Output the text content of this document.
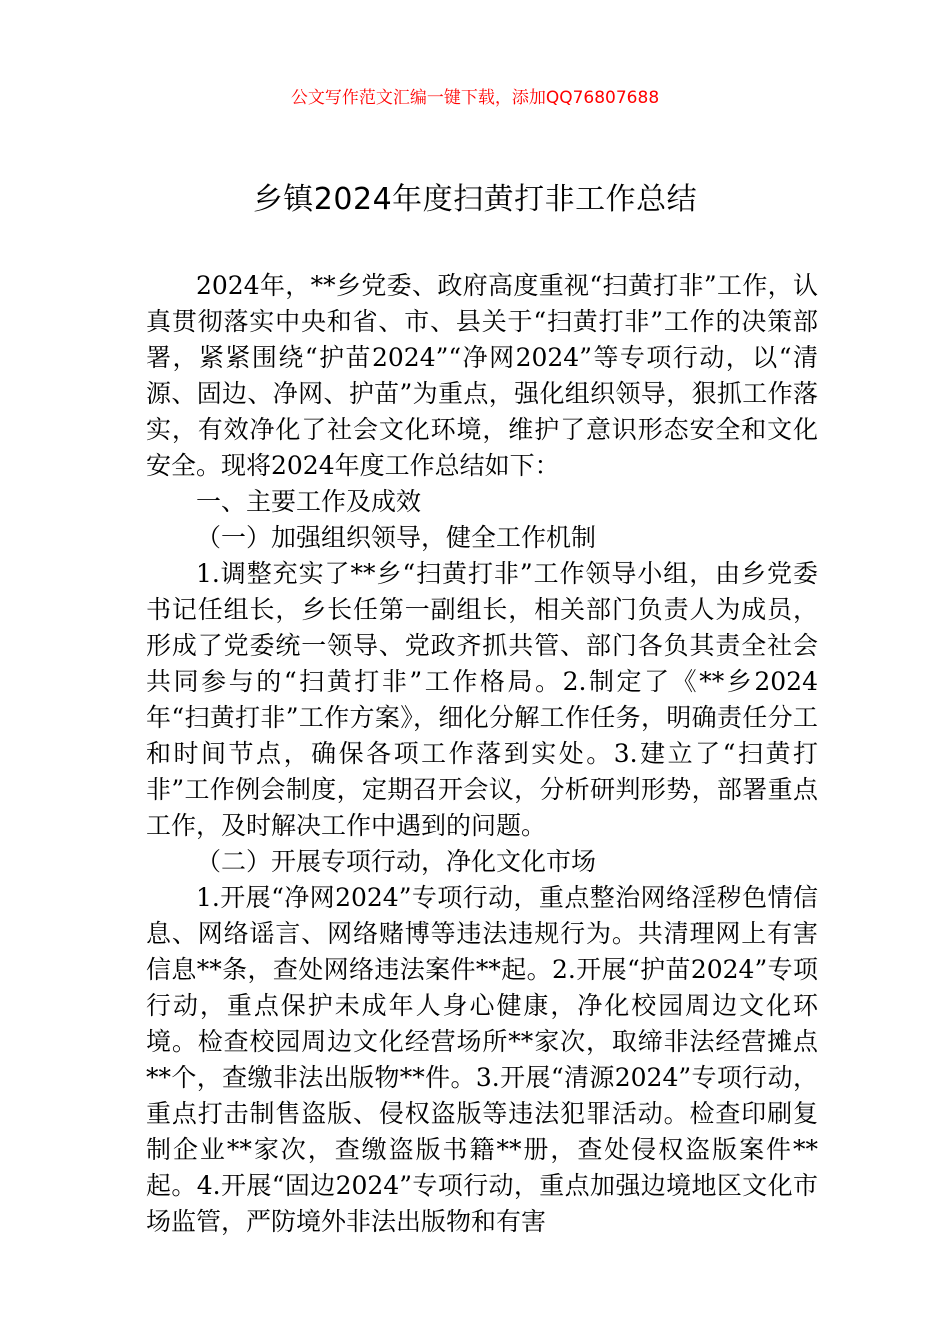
公文写作范文汇编一键下载，添加QQ76807688
乡镇2024年度扫黄打非工作总结

2024年，**乡党委、政府高度重视“扫黄打非”工作，认真贯彻落实中央和省、市、县关于“扫黄打非”工作的决策部署，紧紧围绕“护苗2024”“净网2024”等专项行动，以“清源、固边、净网、护苗”为重点，强化组织领导，狠抓工作落实，有效净化了社会文化环境，维护了意识形态安全和文化安全。现将2024年度工作总结如下：

一、主要工作及成效

（一）加强组织领导，健全工作机制

1.调整充实了**乡“扫黄打非”工作领导小组，由乡党委书记任组长，乡长任第一副组长，相关部门负责人为成员，形成了党委统一领导、党政齐抓共管、部门各负其责全社会共同参与的“扫黄打非”工作格局。2.制定了《**乡2024年“扫黄打非”工作方案》，细化分解工作任务，明确责任分工和时间节点，确保各项工作落到实处。3.建立了“扫黄打非”工作例会制度，定期召开会议，分析研判形势，部署重点工作，及时解决工作中遇到的问题。

（二）开展专项行动，净化文化市场

1.开展“净网2024”专项行动，重点整治网络淫秽色情信息、网络谣言、网络赌博等违法违规行为。共清理网上有害信息**条，查处网络违法案件**起。2.开展“护苗2024”专项行动，重点保护未成年人身心健康，净化校园周边文化环境。检查校园周边文化经营场所**家次，取缔非法经营摊点**个，查缴非法出版物**件。3.开展“清源2024”专项行动，重点打击制售盗版、侵权盗版等违法犯罪活动。检查印刷复制企业**家次，查缴盗版书籍**册，查处侵权盗版案件**起。4.开展“固边2024”专项行动，重点加强边境地区文化市场监管，严防境外非法出版物和有害
